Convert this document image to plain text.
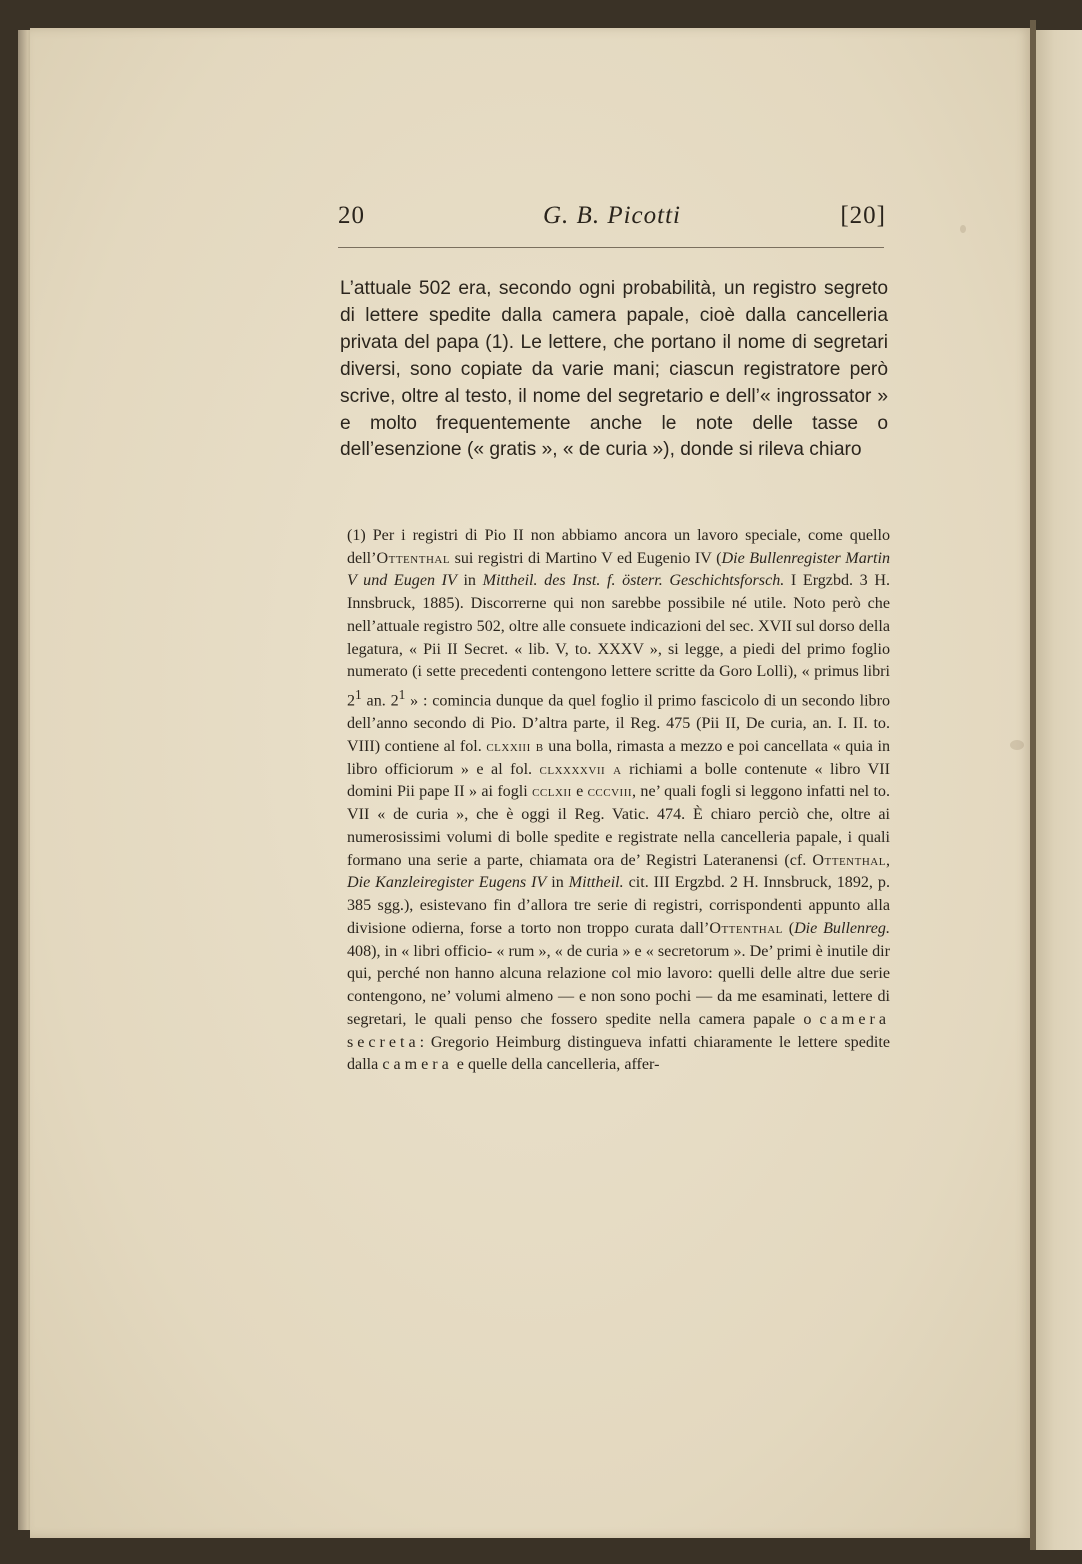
20	G. B. Picotti	[20]

L’attuale 502 era, secondo ogni probabilità, un registro segreto di lettere spedite dalla camera papale, cioè dalla cancelleria privata del papa (1). Le lettere, che portano il nome di segretari diversi, sono copiate da varie mani; ciascun registratore però scrive, oltre al testo, il nome del segretario e dell’« ingrossator » e molto frequentemente anche le note delle tasse o dell’esenzione (« gratis », « de curia »), donde si rileva chiaro

(1) Per i registri di Pio II non abbiamo ancora un lavoro speciale, come quello dell’Ottenthal sui registri di Martino V ed Eugenio IV (Die Bullenregister Martin V und Eugen IV in Mittheil. des Inst. f. österr. Geschichtsforsch. I Ergzbd. 3 H. Innsbruck, 1885). Discorrerne qui non sarebbe possibile né utile. Noto però che nell’attuale registro 502, oltre alle consuete indicazioni del sec. XVII sul dorso della legatura, « Pii II Secret. « lib. V, to. XXXV », si legge, a piedi del primo foglio numerato (i sette precedenti contengono lettere scritte da Goro Lolli), « primus libri $2^1$ an. $2^1$ » : comincia dunque da quel foglio il primo fascicolo di un secondo libro dell’anno secondo di Pio. D’altra parte, il Reg. 475 (Pii II, De curia, an. I. II. to. VIII) contiene al fol. clxxiii b una bolla, rimasta a mezzo e poi cancellata « quia in libro officiorum » e al fol. clxxxxvii a richiami a bolle contenute « libro VII domini Pii pape II » ai fogli cclxii e cccviii, ne’ quali fogli si leggono infatti nel to. VII « de curia », che è oggi il Reg. Vatic. 474. È chiaro perciò che, oltre ai numerosissimi volumi di bolle spedite e registrate nella cancelleria papale, i quali formano una serie a parte, chiamata ora de’ Registri Lateranensi (cf. Ottenthal, Die Kanzleiregister Eugens IV in Mittheil. cit. III Ergzbd. 2 H. Innsbruck, 1892, p. 385 sgg.), esistevano fin d’allora tre serie di registri, corrispondenti appunto alla divisione odierna, forse a torto non troppo curata dall’Ottenthal (Die Bullenreg. 408), in « libri officio- « rum », « de curia » e « secretorum ». De’ primi è inutile dir qui, perché non hanno alcuna relazione col mio lavoro: quelli delle altre due serie contengono, ne’ volumi almeno — e non sono pochi — da me esaminati, lettere di segretari, le quali penso che fossero spedite nella camera papale o camera secreta: Gregorio Heimburg distingueva infatti chiaramente le lettere spedite dalla camera e quelle della cancelleria, affer-
